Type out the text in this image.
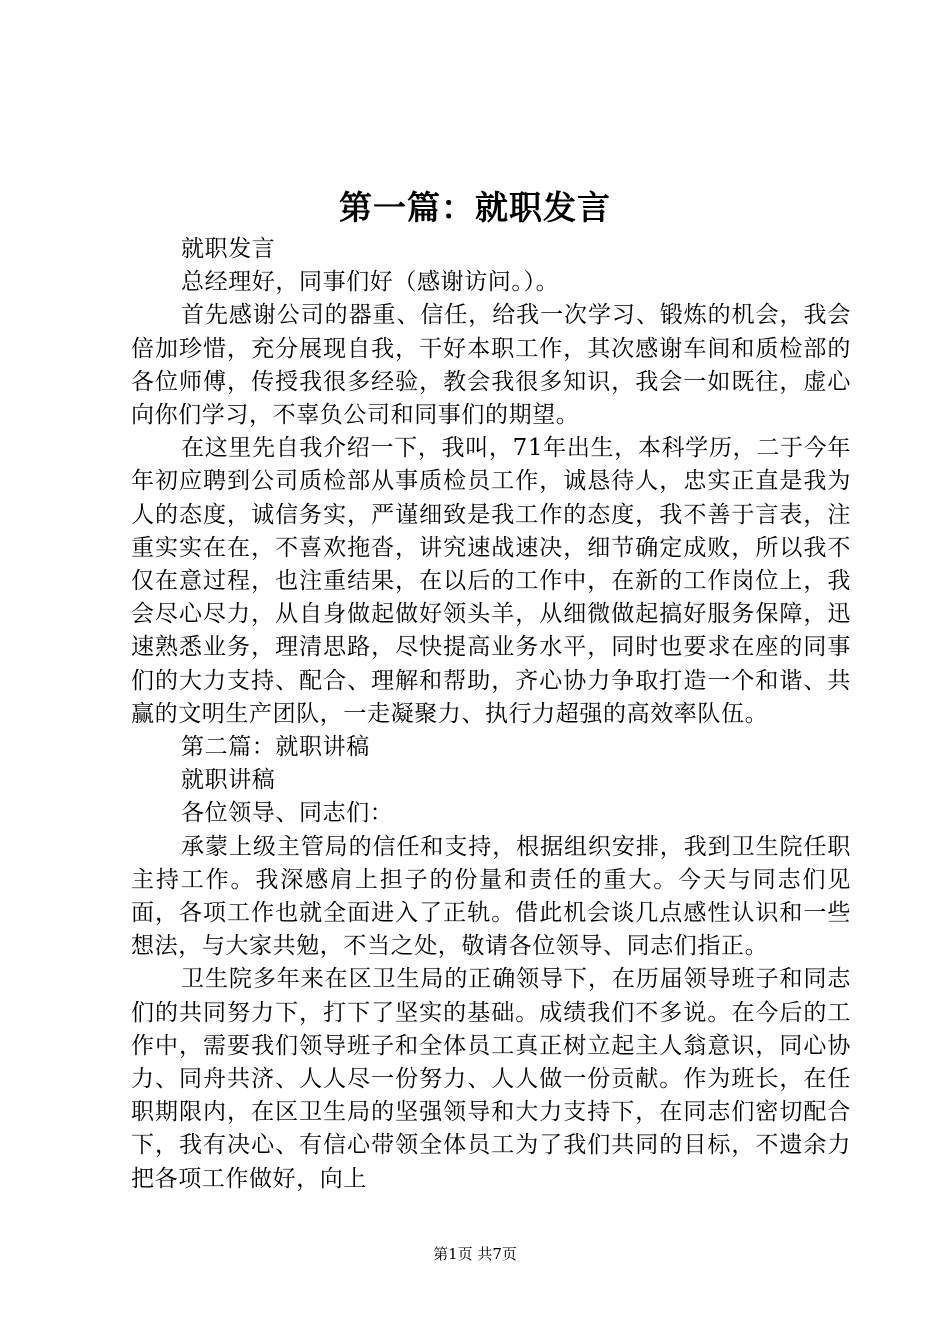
第一篇：就职发言

就职发言

总经理好，同事们好（感谢访问。）。

首先感谢公司的器重、信任，给我一次学习、锻炼的机会，我会倍加珍惜，充分展现自我，干好本职工作，其次感谢车间和质检部的各位师傅，传授我很多经验，教会我很多知识，我会一如既往，虚心向你们学习，不辜负公司和同事们的期望。

在这里先自我介绍一下，我叫，71年出生，本科学历，二于今年年初应聘到公司质检部从事质检员工作，诚恳待人，忠实正直是我为人的态度，诚信务实，严谨细致是我工作的态度，我不善于言表，注重实实在在，不喜欢拖沓，讲究速战速决，细节确定成败，所以我不仅在意过程，也注重结果，在以后的工作中，在新的工作岗位上，我会尽心尽力，从自身做起做好领头羊，从细微做起搞好服务保障，迅速熟悉业务，理清思路，尽快提高业务水平，同时也要求在座的同事们的大力支持、配合、理解和帮助，齐心协力争取打造一个和谐、共赢的文明生产团队，一走凝聚力、执行力超强的高效率队伍。

第二篇：就职讲稿

就职讲稿

各位领导、同志们：

承蒙上级主管局的信任和支持，根据组织安排，我到卫生院任职主持工作。我深感肩上担子的份量和责任的重大。今天与同志们见面，各项工作也就全面进入了正轨。借此机会谈几点感性认识和一些想法，与大家共勉，不当之处，敬请各位领导、同志们指正。

卫生院多年来在区卫生局的正确领导下，在历届领导班子和同志们的共同努力下，打下了坚实的基础。成绩我们不多说。在今后的工作中，需要我们领导班子和全体员工真正树立起主人翁意识，同心协力、同舟共济、人人尽一份努力、人人做一份贡献。作为班长，在任职期限内，在区卫生局的坚强领导和大力支持下，在同志们密切配合下，我有决心、有信心带领全体员工为了我们共同的目标，不遗余力把各项工作做好，向上

第1页 共7页
